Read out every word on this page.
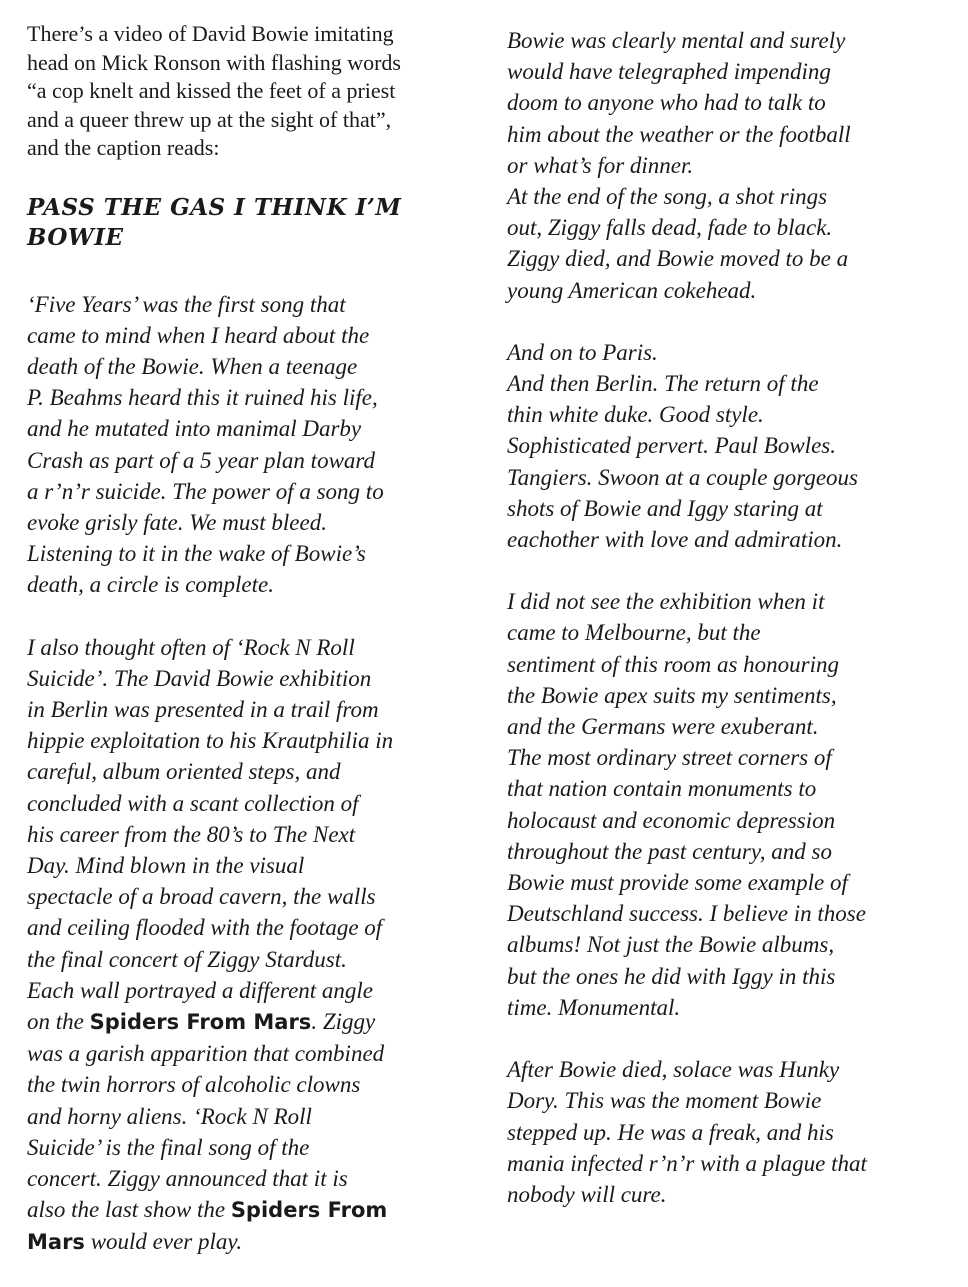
There’s a video of David Bowie imitating
head on Mick Ronson with flashing words
“a cop knelt and kissed the feet of a priest
and a queer threw up at the sight of that”,
and the caption reads:

PASS THE GAS I THINK I’M
BOWIE

‘Five Years’ was the first song that
came to mind when I heard about the
death of the Bowie. When a teenage
P. Beahms heard this it ruined his life,
and he mutated into manimal Darby
Crash as part of a 5 year plan toward
a r’n’r suicide. The power of a song to
evoke grisly fate. We must bleed.
Listening to it in the wake of Bowie’s
death, a circle is complete.

I also thought often of ‘Rock N Roll
Suicide’. The David Bowie exhibition
in Berlin was presented in a trail from
hippie exploitation to his Krautphilia in
careful, album oriented steps, and
concluded with a scant collection of
his career from the 80’s to The Next
Day. Mind blown in the visual
spectacle of a broad cavern, the walls
and ceiling flooded with the footage of
the final concert of Ziggy Stardust.
Each wall portrayed a different angle
on the Spiders From Mars. Ziggy
was a garish apparition that combined
the twin horrors of alcoholic clowns
and horny aliens. ‘Rock N Roll
Suicide’ is the final song of the
concert. Ziggy announced that it is
also the last show the Spiders From
Mars would ever play.

Bowie was clearly mental and surely
would have telegraphed impending
doom to anyone who had to talk to
him about the weather or the football
or what’s for dinner.
At the end of the song, a shot rings
out, Ziggy falls dead, fade to black.
Ziggy died, and Bowie moved to be a
young American cokehead.

And on to Paris.
And then Berlin. The return of the
thin white duke. Good style.
Sophisticated pervert. Paul Bowles.
Tangiers. Swoon at a couple gorgeous
shots of Bowie and Iggy staring at
eachother with love and admiration.

I did not see the exhibition when it
came to Melbourne, but the
sentiment of this room as honouring
the Bowie apex suits my sentiments,
and the Germans were exuberant.
The most ordinary street corners of
that nation contain monuments to
holocaust and economic depression
throughout the past century, and so
Bowie must provide some example of
Deutschland success. I believe in those
albums! Not just the Bowie albums,
but the ones he did with Iggy in this
time. Monumental.

After Bowie died, solace was Hunky
Dory. This was the moment Bowie
stepped up. He was a freak, and his
mania infected r’n’r with a plague that
nobody will cure.
